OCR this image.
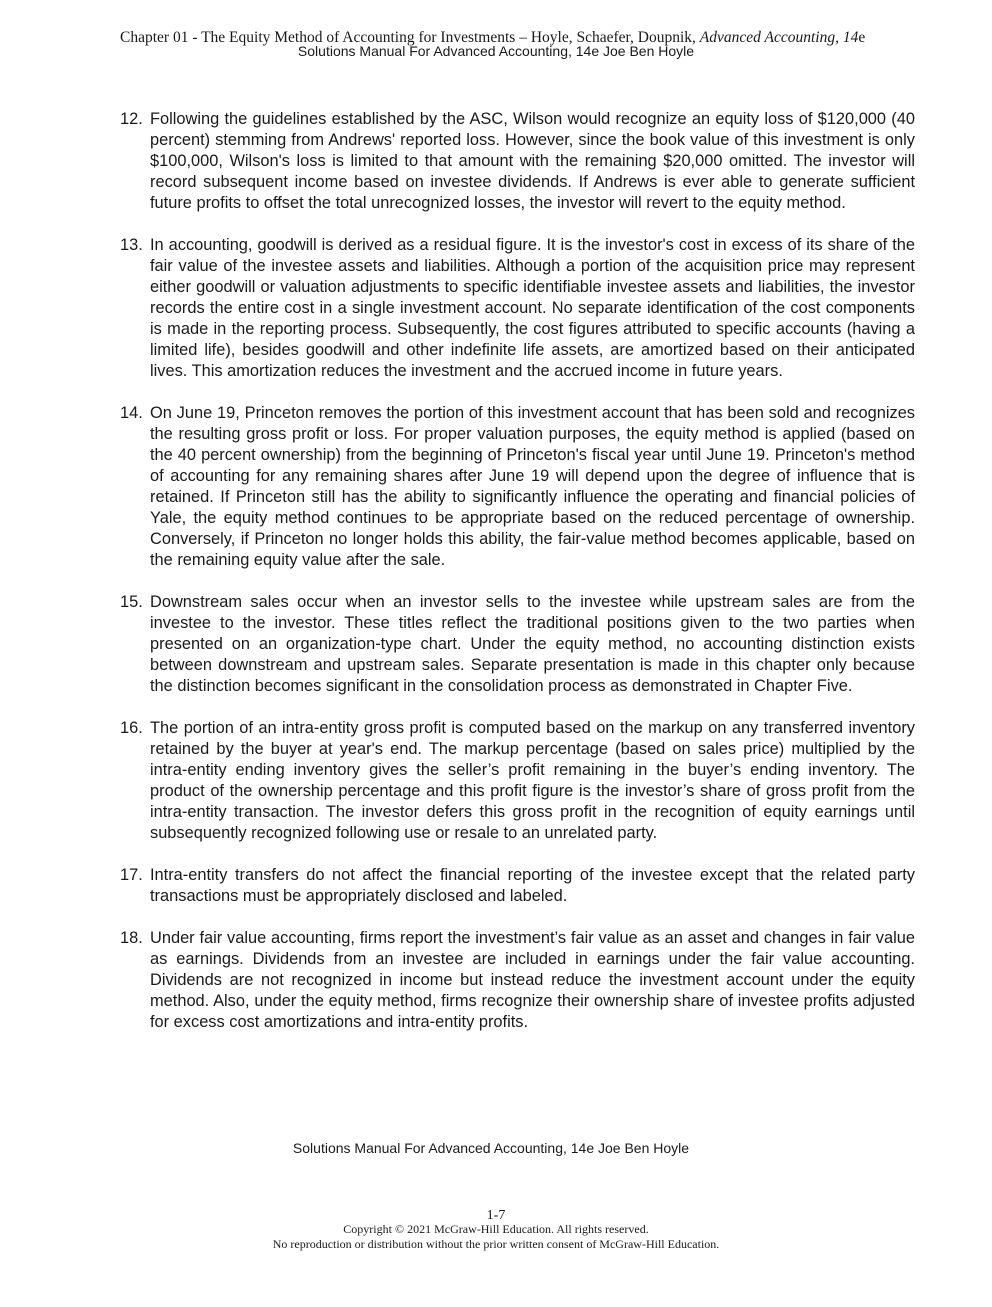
Chapter 01 - The Equity Method of Accounting for Investments – Hoyle, Schaefer, Doupnik, Advanced Accounting, 14e
Solutions Manual For Advanced Accounting, 14e Joe Ben Hoyle
12. Following the guidelines established by the ASC, Wilson would recognize an equity loss of $120,000 (40 percent) stemming from Andrews' reported loss. However, since the book value of this investment is only $100,000, Wilson's loss is limited to that amount with the remaining $20,000 omitted. The investor will record subsequent income based on investee dividends. If Andrews is ever able to generate sufficient future profits to offset the total unrecognized losses, the investor will revert to the equity method.
13. In accounting, goodwill is derived as a residual figure. It is the investor's cost in excess of its share of the fair value of the investee assets and liabilities. Although a portion of the acquisition price may represent either goodwill or valuation adjustments to specific identifiable investee assets and liabilities, the investor records the entire cost in a single investment account. No separate identification of the cost components is made in the reporting process. Subsequently, the cost figures attributed to specific accounts (having a limited life), besides goodwill and other indefinite life assets, are amortized based on their anticipated lives. This amortization reduces the investment and the accrued income in future years.
14. On June 19, Princeton removes the portion of this investment account that has been sold and recognizes the resulting gross profit or loss. For proper valuation purposes, the equity method is applied (based on the 40 percent ownership) from the beginning of Princeton's fiscal year until June 19. Princeton's method of accounting for any remaining shares after June 19 will depend upon the degree of influence that is retained. If Princeton still has the ability to significantly influence the operating and financial policies of Yale, the equity method continues to be appropriate based on the reduced percentage of ownership. Conversely, if Princeton no longer holds this ability, the fair-value method becomes applicable, based on the remaining equity value after the sale.
15. Downstream sales occur when an investor sells to the investee while upstream sales are from the investee to the investor. These titles reflect the traditional positions given to the two parties when presented on an organization-type chart. Under the equity method, no accounting distinction exists between downstream and upstream sales. Separate presentation is made in this chapter only because the distinction becomes significant in the consolidation process as demonstrated in Chapter Five.
16. The portion of an intra-entity gross profit is computed based on the markup on any transferred inventory retained by the buyer at year's end. The markup percentage (based on sales price) multiplied by the intra-entity ending inventory gives the seller’s profit remaining in the buyer’s ending inventory. The product of the ownership percentage and this profit figure is the investor’s share of gross profit from the intra-entity transaction. The investor defers this gross profit in the recognition of equity earnings until subsequently recognized following use or resale to an unrelated party.
17. Intra-entity transfers do not affect the financial reporting of the investee except that the related party transactions must be appropriately disclosed and labeled.
18. Under fair value accounting, firms report the investment’s fair value as an asset and changes in fair value as earnings. Dividends from an investee are included in earnings under the fair value accounting. Dividends are not recognized in income but instead reduce the investment account under the equity method. Also, under the equity method, firms recognize their ownership share of investee profits adjusted for excess cost amortizations and intra-entity profits.
Solutions Manual For Advanced Accounting, 14e Joe Ben Hoyle
1-7
Copyright © 2021 McGraw-Hill Education. All rights reserved.
No reproduction or distribution without the prior written consent of McGraw-Hill Education.
